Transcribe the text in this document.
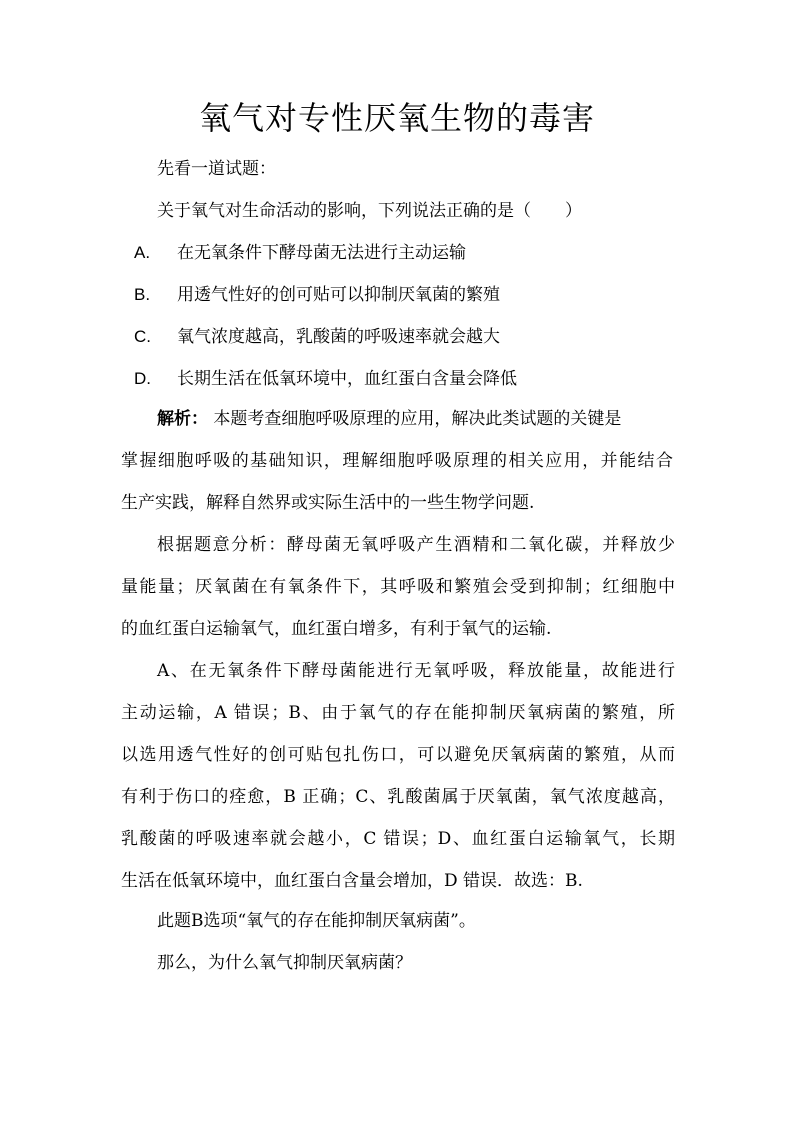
氧气对专性厌氧生物的毒害
先看一道试题：
关于氧气对生命活动的影响，下列说法正确的是（　　）
A. 在无氧条件下酵母菌无法进行主动运输
B. 用透气性好的创可贴可以抑制厌氧菌的繁殖
C. 氧气浓度越高，乳酸菌的呼吸速率就会越大
D. 长期生活在低氧环境中，血红蛋白含量会降低
解析： 本题考查细胞呼吸原理的应用，解决此类试题的关键是
掌握细胞呼吸的基础知识，理解细胞呼吸原理的相关应用，并能结合
生产实践，解释自然界或实际生活中的一些生物学问题.
根据题意分析：酵母菌无氧呼吸产生酒精和二氧化碳，并释放少
量能量；厌氧菌在有氧条件下，其呼吸和繁殖会受到抑制；红细胞中
的血红蛋白运输氧气，血红蛋白增多，有利于氧气的运输.
A、在无氧条件下酵母菌能进行无氧呼吸，释放能量，故能进行
主动运输，A 错误；B、由于氧气的存在能抑制厌氧病菌的繁殖，所
以选用透气性好的创可贴包扎伤口，可以避免厌氧病菌的繁殖，从而
有利于伤口的痊愈，B 正确；C、乳酸菌属于厌氧菌，氧气浓度越高，
乳酸菌的呼吸速率就会越小，C 错误；D、血红蛋白运输氧气，长期
生活在低氧环境中，血红蛋白含量会增加，D 错误．故选：B.
此题B选项“氧气的存在能抑制厌氧病菌”。
那么，为什么氧气抑制厌氧病菌？
